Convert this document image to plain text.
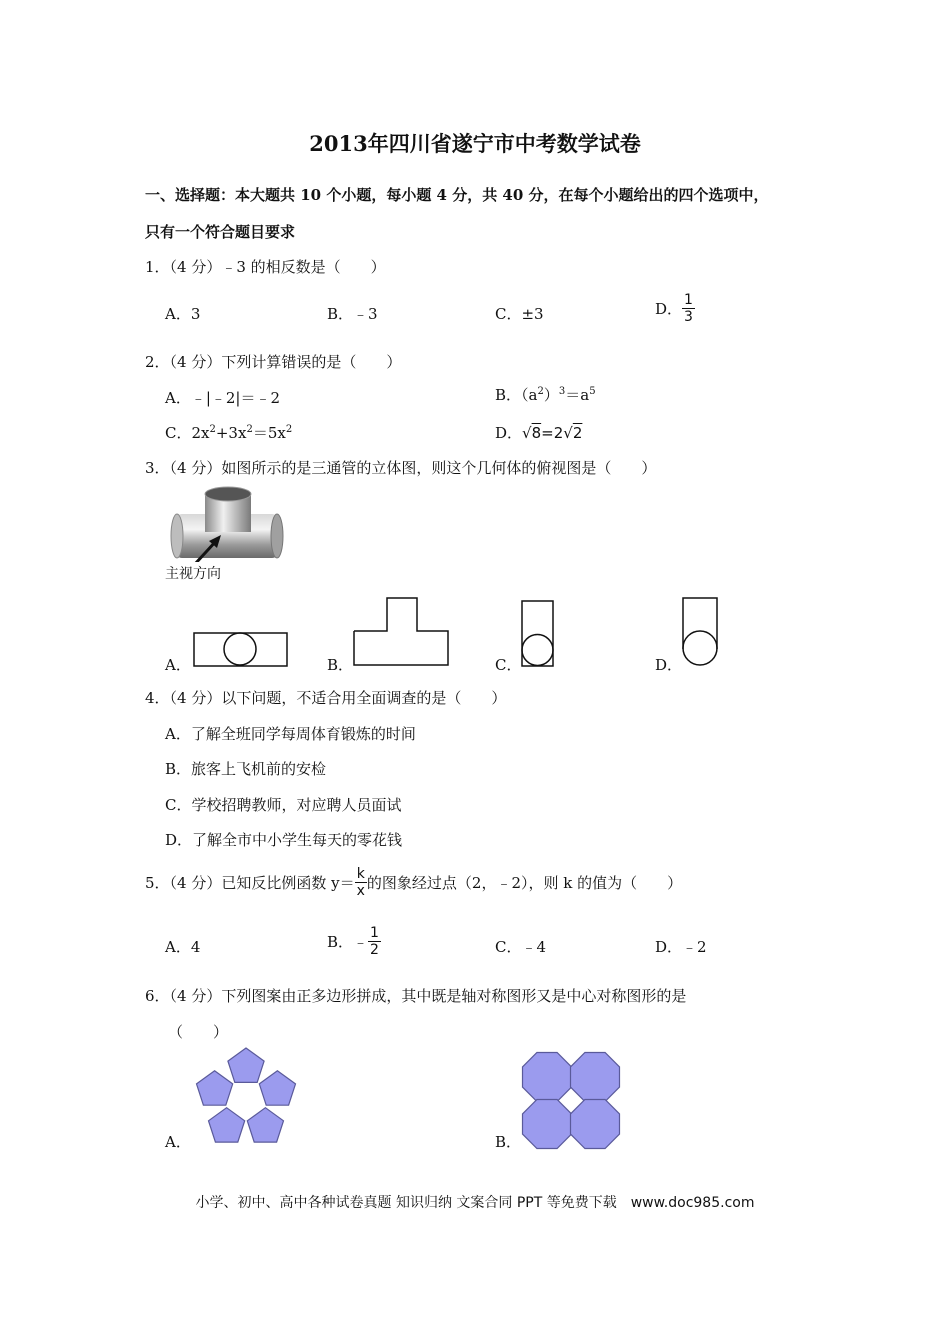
2013年四川省遂宁市中考数学试卷
一、选择题：本大题共 10 个小题，每小题 4 分，共 40 分，在每个小题给出的四个选项中，
只有一个符合题目要求
1．（4 分）﹣3 的相反数是（　　）
A．3	B．﹣3	C．±3	D． $\frac{1}{3}$
2．（4 分）下列计算错误的是（　　）
A．﹣|﹣2|＝﹣2	B．$(a^2)^3=a^5$
C．$2x^2+3x^2=5x^2$	D．√8=2√2
3．（4 分）如图所示的是三通管的立体图，则这个几何体的俯视图是（　　）
主视方向
A．	B．	C．	D．
4．（4 分）以下问题，不适合用全面调查的是（　　）
A．了解全班同学每周体育锻炼的时间
B．旅客上飞机前的安检
C．学校招聘教师，对应聘人员面试
D．了解全市中小学生每天的零花钱
5．（4 分）已知反比例函数 $y= \frac{k}{x}$ 的图象经过点（2，﹣2），则 k 的值为（　　）
A．4	B．﹣ $\frac{1}{2}$	C．﹣4	D．﹣2
6．（4 分）下列图案由正多边形拼成，其中既是轴对称图形又是中心对称图形的是
（　　）
A．	B．
小学、初中、高中各种试卷真题 知识归纳 文案合同 PPT 等免费下载　www.doc985.com
